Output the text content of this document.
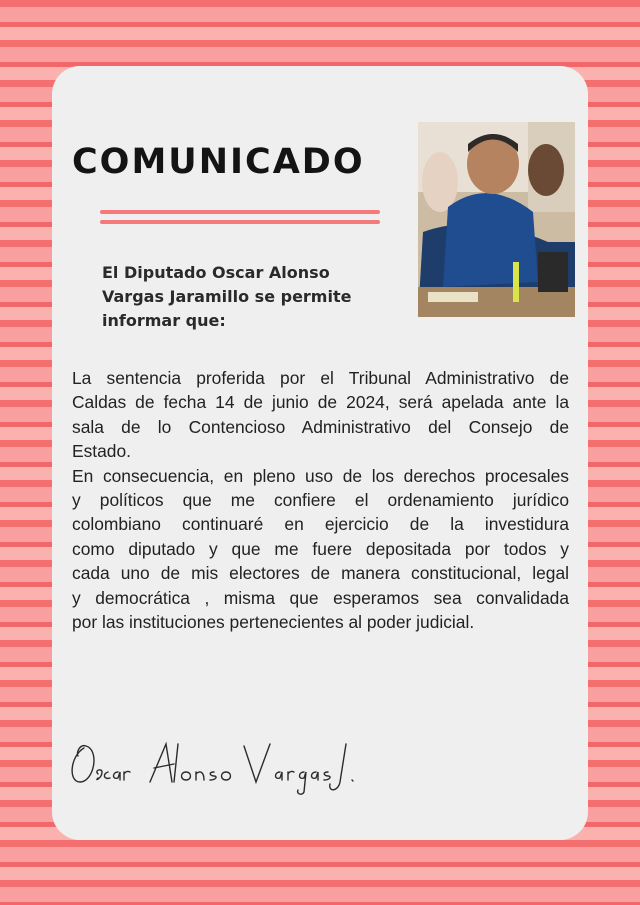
COMUNICADO
El Diputado Oscar Alonso
Vargas Jaramillo se permite
informar que:
La sentencia proferida por el Tribunal Administrativo de
Caldas de fecha 14 de junio de 2024, será apelada ante la
sala de lo Contencioso Administrativo del Consejo de
Estado.
En consecuencia, en pleno uso de los derechos procesales
y políticos que me confiere el ordenamiento jurídico
colombiano continuaré en ejercicio de la investidura
como diputado y que me fuere depositada por todos y
cada uno de mis electores de manera constitucional, legal
y democrática , misma que esperamos sea convalidada
por las instituciones pertenecientes al poder judicial.
